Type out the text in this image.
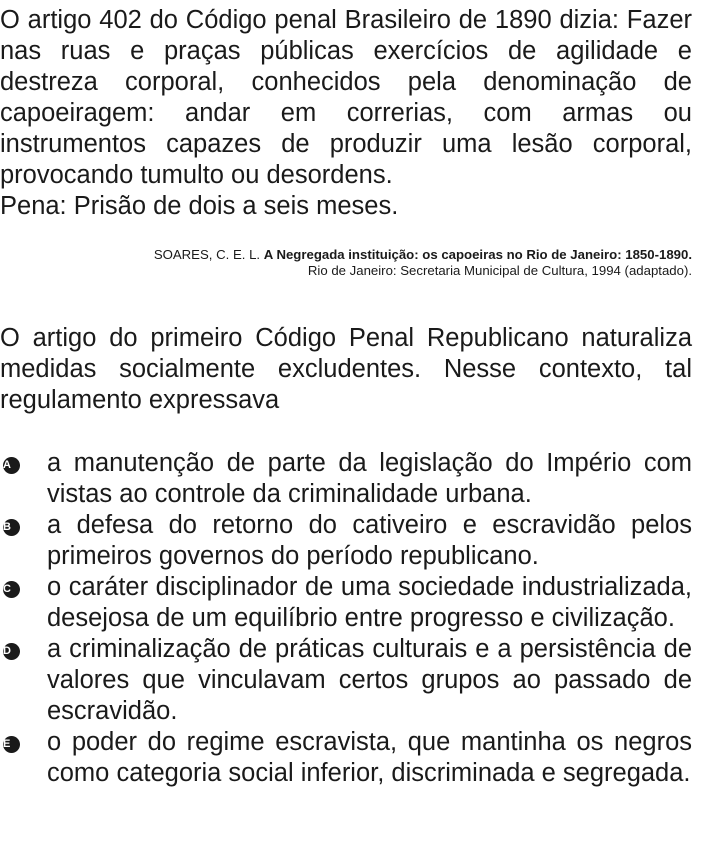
O artigo 402 do Código penal Brasileiro de 1890 dizia: Fazer nas ruas e praças públicas exercícios de agilidade e destreza corporal, conhecidos pela denominação de capoeiragem: andar em correrias, com armas ou instrumentos capazes de produzir uma lesão corporal, provocando tumulto ou desordens.

Pena: Prisão de dois a seis meses.

SOARES, C. E. L. A Negregada instituição: os capoeiras no Rio de Janeiro: 1850-1890.
Rio de Janeiro: Secretaria Municipal de Cultura, 1994 (adaptado).
O artigo do primeiro Código Penal Republicano naturaliza medidas socialmente excludentes. Nesse contexto, tal regulamento expressava
A	a manutenção de parte da legislação do Império com vistas ao controle da criminalidade urbana.
B	a defesa do retorno do cativeiro e escravidão pelos primeiros governos do período republicano.
C	o caráter disciplinador de uma sociedade industrializada, desejosa de um equilíbrio entre progresso e civilização.
D	a criminalização de práticas culturais e a persistência de valores que vinculavam certos grupos ao passado de escravidão.
E	o poder do regime escravista, que mantinha os negros como categoria social inferior, discriminada e segregada.
